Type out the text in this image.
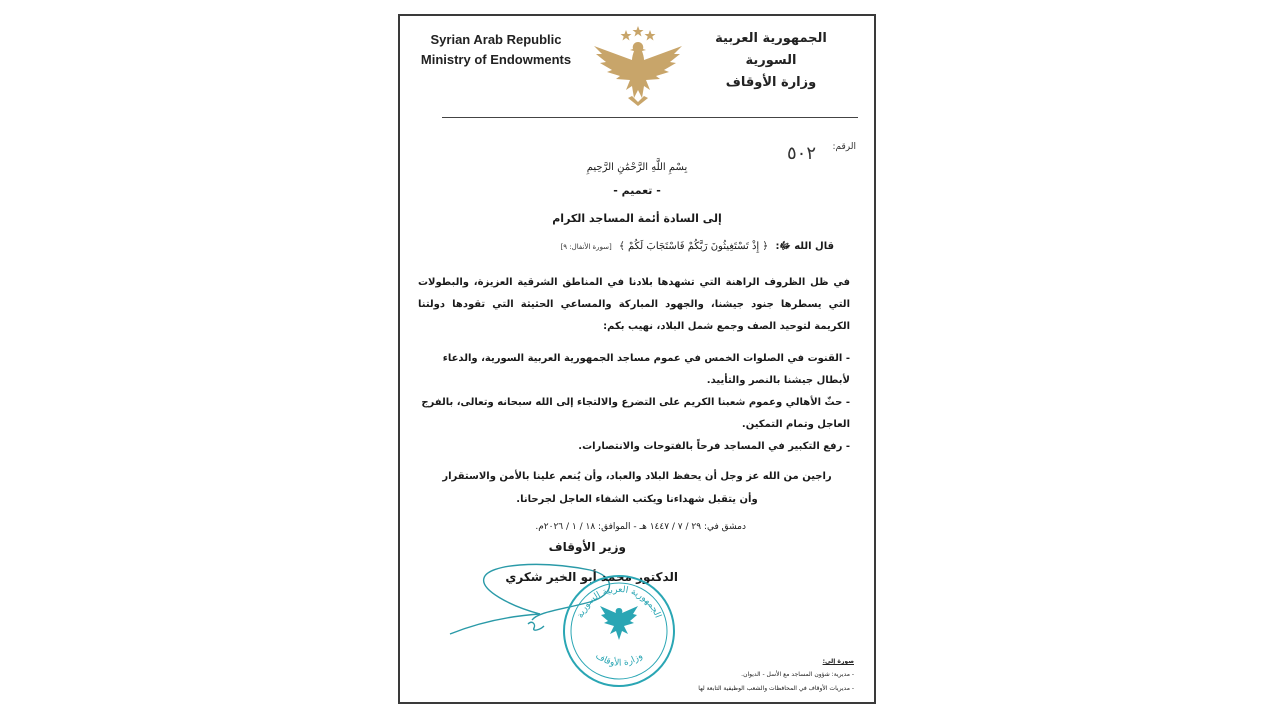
Syrian Arab Republic
Ministry of Endowments
الجمهورية العربية السورية
وزارة الأوقاف
الرقم:
٥٠٢
بِسْمِ اللَّهِ الرَّحْمَٰنِ الرَّحِيمِ
- تعميم -
إلى السادة أئمة المساجد الكرام
قال الله ﷻ: ﴿ إِذْ تَسْتَغِيثُونَ رَبَّكُمْ فَاسْتَجَابَ لَكُمْ ﴾ [سورة الأنفال: ٩]
في ظل الظروف الراهنة التي تشهدها بلادنا في المناطق الشرقية العزيزة، والبطولات التي يسطرها جنود جيشنا، والجهود المباركة والمساعي الحثيثة التي تقودها دولتنا الكريمة لتوحيد الصف وجمع شمل البلاد، نهيب بكم:
- القنوت في الصلوات الخمس في عموم مساجد الجمهورية العربية السورية، والدعاء لأبطال جيشنا بالنصر والتأييد.
- حثّ الأهالي وعموم شعبنا الكريم على التضرع والالتجاء إلى الله سبحانه وتعالى، بالفرج العاجل وتمام التمكين.
- رفع التكبير في المساجد فرحاً بالفتوحات والانتصارات.
راجين من الله عز وجل أن يحفظ البلاد والعباد، وأن يُنعم علينا بالأمن والاستقرار
وأن يتقبل شهداءنا ويكتب الشفاء العاجل لجرحانا.
دمشق في: ٢٩ / ٧ / ١٤٤٧ هـ - الموافق: ١٨ / ١ / ٢٠٢٦م.
وزير الأوقاف
الدكتور محمد أبو الخير شكري
الجمهورية العربية السورية
وزارة الأوقاف	صورة إلى:
- مديرية: شؤون المساجد مع الأسل - الديوان.
- مديريات الأوقاف في المحافظات والشعب الوظيفية التابعة لها
